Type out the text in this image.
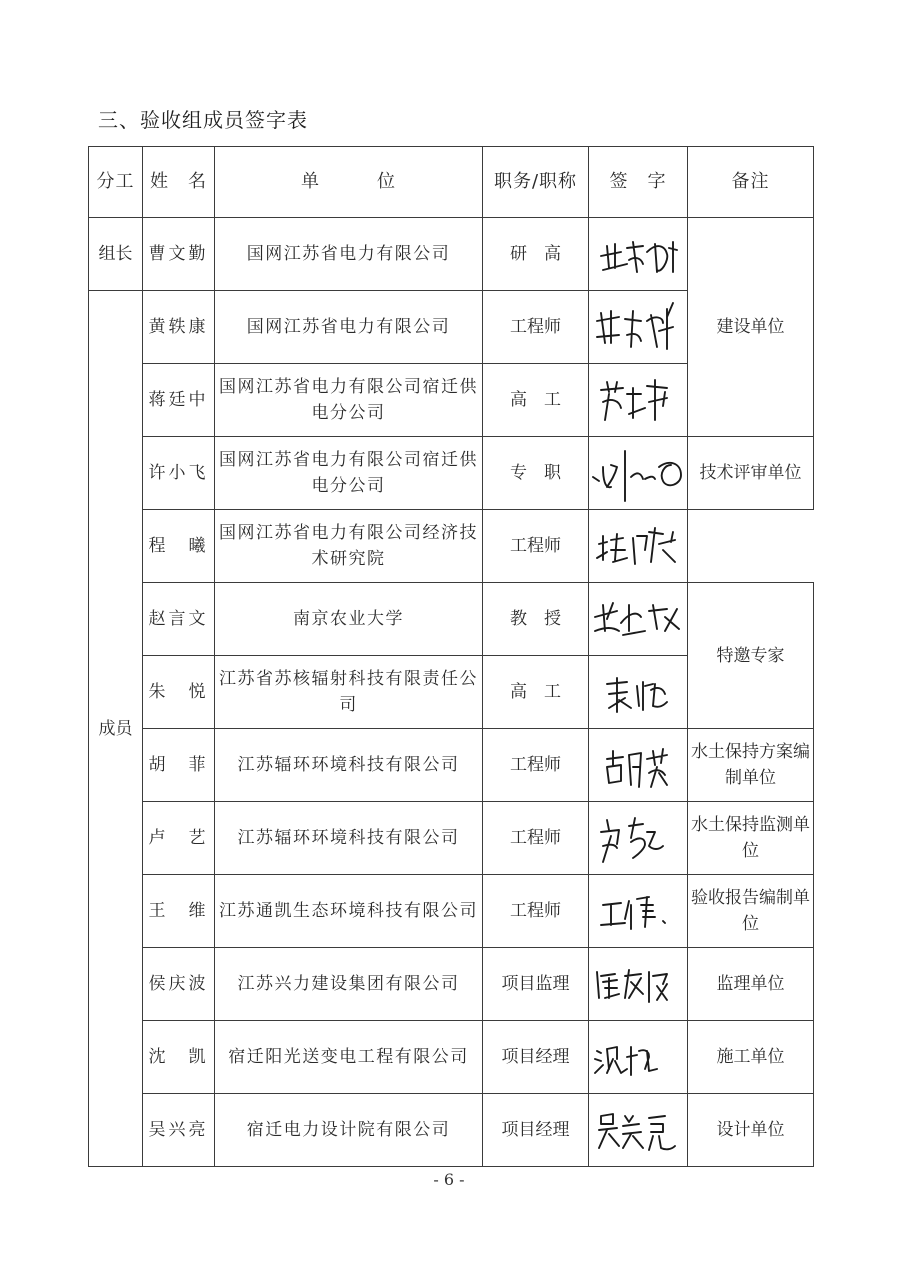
三、验收组成员签字表
分工	姓　名	单　　　位	职务/职称	签　字	备注
组长	曹文勤	国网江苏省电力有限公司	研　高		建设单位
成员	黄轶康	国网江苏省电力有限公司	工程师	

	蒋廷中	国网江苏省电力有限公司宿迁供电分公司	高　工	

	许小飞	国网江苏省电力有限公司宿迁供电分公司	专　职		技术评审单位
	程　曦	国网江苏省电力有限公司经济技术研究院	工程师	

	赵言文	南京农业大学	教　授		特邀专家
	朱　悦	江苏省苏核辐射科技有限责任公司	高　工	

	胡　菲	江苏辐环环境科技有限公司	工程师		水土保持方案编制单位
	卢　艺	江苏辐环环境科技有限公司	工程师		水土保持监测单位
	王　维	江苏通凯生态环境科技有限公司	工程师		验收报告编制单位
	侯庆波	江苏兴力建设集团有限公司	项目监理		监理单位
	沈　凯	宿迁阳光送变电工程有限公司	项目经理		施工单位
	吴兴亮	宿迁电力设计院有限公司	项目经理		设计单位
- 6 -
